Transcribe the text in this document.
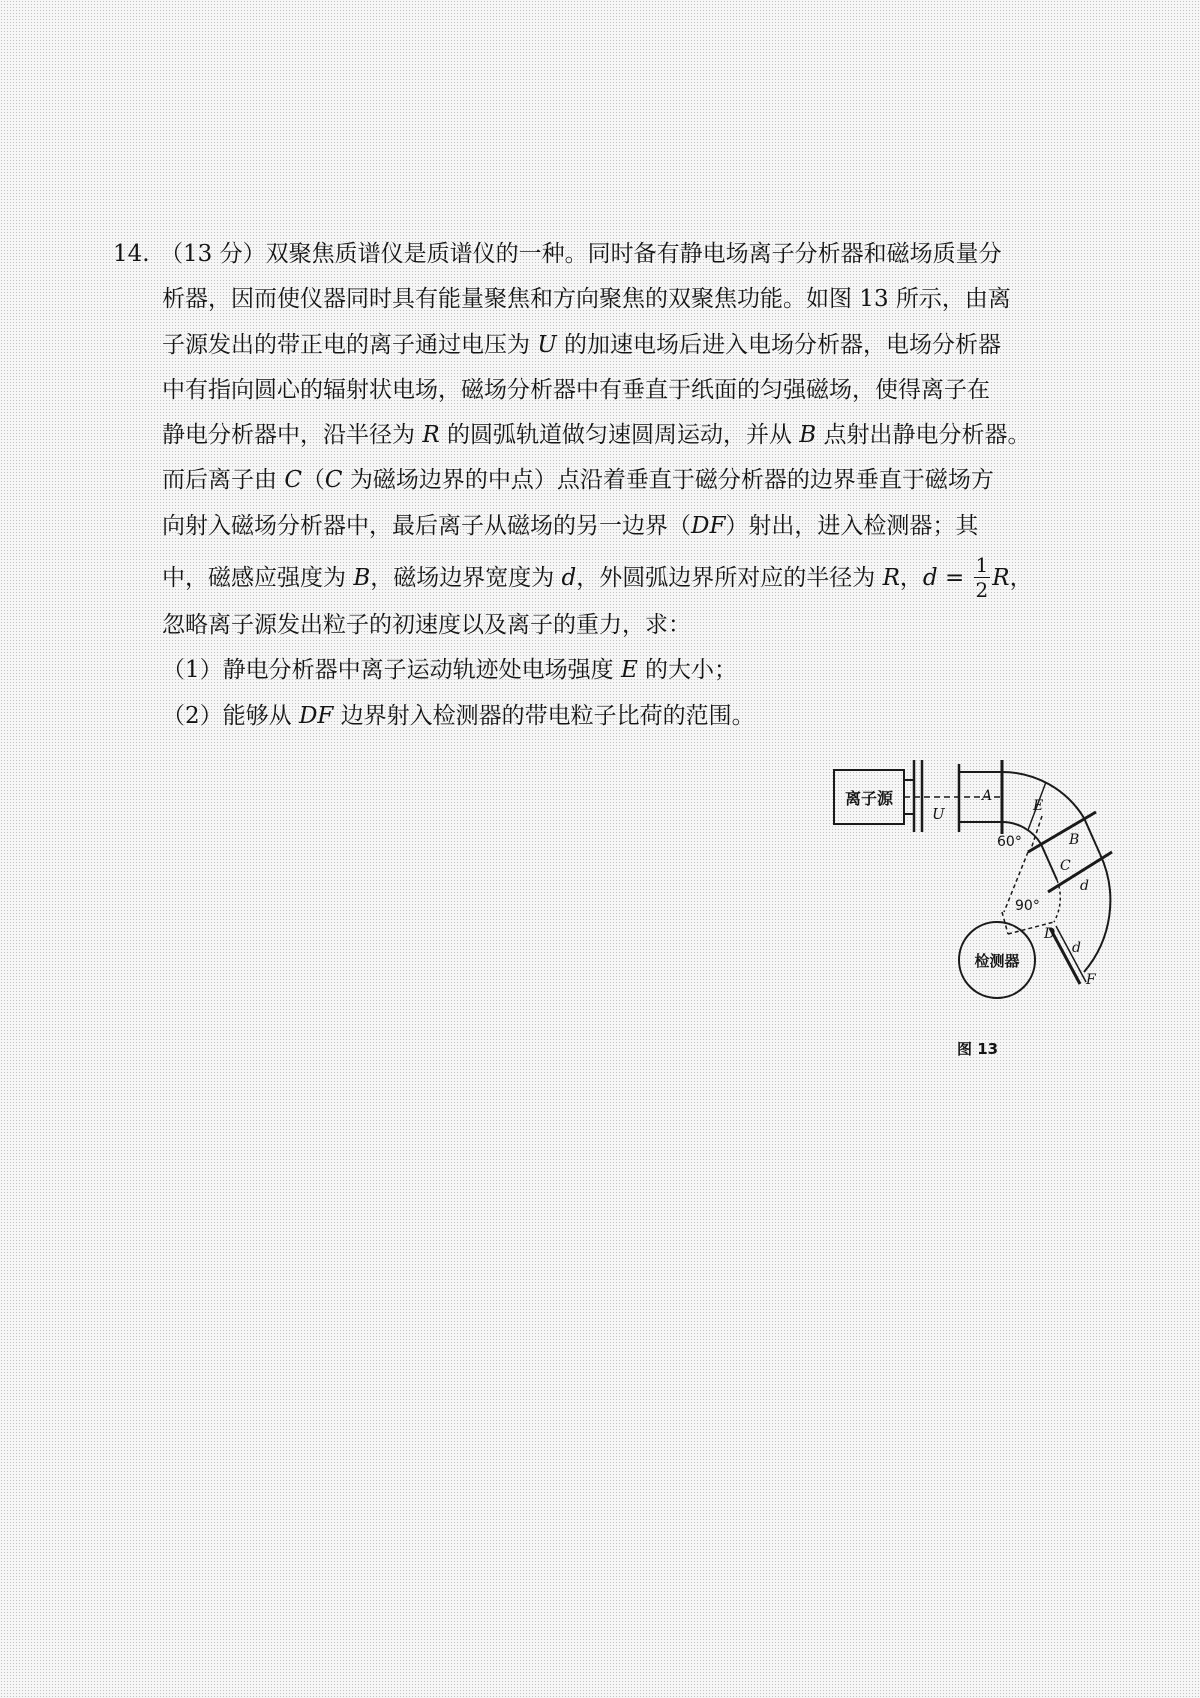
14. （13 分）双聚焦质谱仪是质谱仪的一种。同时备有静电场离子分析器和磁场质量分
析器，因而使仪器同时具有能量聚焦和方向聚焦的双聚焦功能。如图 13 所示，由离
子源发出的带正电的离子通过电压为 U 的加速电场后进入电场分析器，电场分析器
中有指向圆心的辐射状电场，磁场分析器中有垂直于纸面的匀强磁场，使得离子在
静电分析器中，沿半径为 R 的圆弧轨道做匀速圆周运动，并从 B 点射出静电分析器。
而后离子由 C（C 为磁场边界的中点）点沿着垂直于磁分析器的边界垂直于磁场方
向射入磁场分析器中，最后离子从磁场的另一边界（DF）射出，进入检测器；其
中，磁感应强度为 B，磁场边界宽度为 d，外圆弧边界所对应的半径为 R，$d = \frac{1}{2}$ R，
忽略离子源发出粒子的初速度以及离子的重力，求：
（1）静电分析器中离子运动轨迹处电场强度 E 的大小；
（2）能够从 DF 边界射入检测器的带电粒子比荷的范围。
离子源
U
A
E
B
C
D
F
60°
90°
d
d
检测器
图 13
